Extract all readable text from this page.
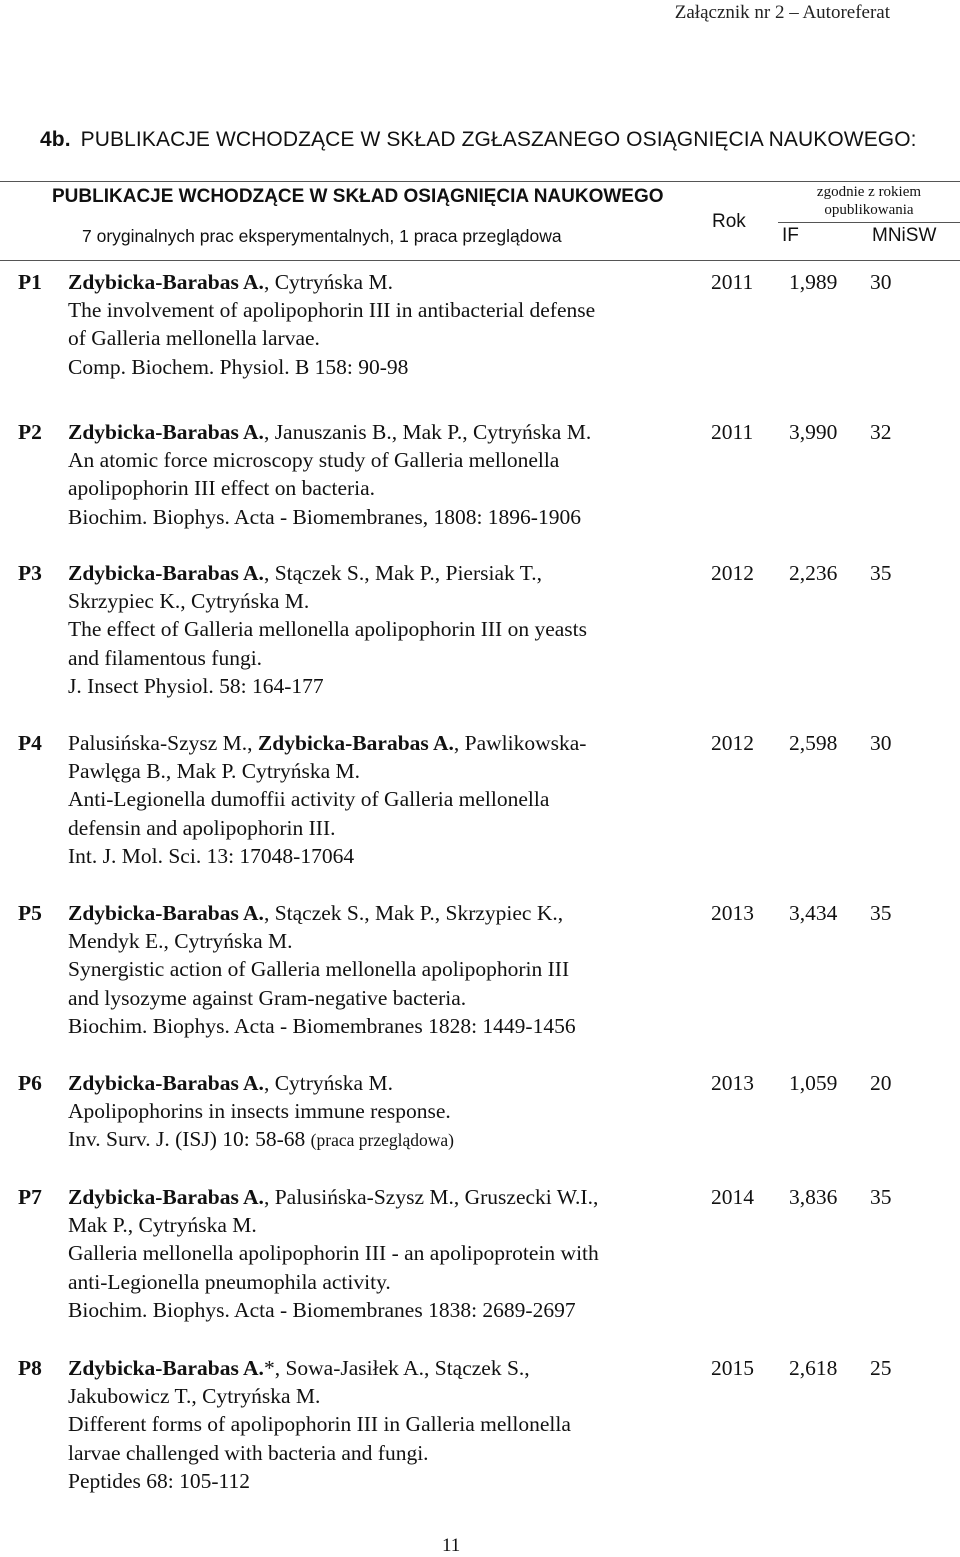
Załącznik nr 2 – Autoreferat
4b. PUBLIKACJE WCHODZĄCE W SKŁAD ZGŁASZANEGO OSIĄGNIĘCIA NAUKOWEGO:
PUBLIKACJE WCHODZĄCE W SKŁAD OSIĄGNIĘCIA NAUKOWEGO
7 oryginalnych prac eksperymentalnych, 1 praca przeglądowa
Rok
zgodnie z rokiem opublikowania
IF	MNiSW
P1 Zdybicka-Barabas A., Cytryńska M.
The involvement of apolipophorin III in antibacterial defense
of Galleria mellonella larvae.
Comp. Biochem. Physiol. B 158: 90-98
2011 1,989 30
P2 Zdybicka-Barabas A., Januszanis B., Mak P., Cytryńska M.
An atomic force microscopy study of Galleria mellonella
apolipophorin III effect on bacteria.
Biochim. Biophys. Acta - Biomembranes, 1808: 1896-1906
2011 3,990 32
P3 Zdybicka-Barabas A., Stączek S., Mak P., Piersiak T.,
Skrzypiec K., Cytryńska M.
The effect of Galleria mellonella apolipophorin III on yeasts
and filamentous fungi.
J. Insect Physiol. 58: 164-177
2012 2,236 35
P4 Palusińska-Szysz M., Zdybicka-Barabas A., Pawlikowska-
Pawlęga B., Mak P. Cytryńska M.
Anti-Legionella dumoffii activity of Galleria mellonella
defensin and apolipophorin III.
Int. J. Mol. Sci. 13: 17048-17064
2012 2,598 30
P5 Zdybicka-Barabas A., Stączek S., Mak P., Skrzypiec K.,
Mendyk E., Cytryńska M.
Synergistic action of Galleria mellonella apolipophorin III
and lysozyme against Gram-negative bacteria.
Biochim. Biophys. Acta - Biomembranes 1828: 1449-1456
2013 3,434 35
P6 Zdybicka-Barabas A., Cytryńska M.
Apolipophorins in insects immune response.
Inv. Surv. J. (ISJ) 10: 58-68 (praca przeglądowa)
2013 1,059 20
P7 Zdybicka-Barabas A., Palusińska-Szysz M., Gruszecki W.I.,
Mak P., Cytryńska M.
Galleria mellonella apolipophorin III - an apolipoprotein with
anti-Legionella pneumophila activity.
Biochim. Biophys. Acta - Biomembranes 1838: 2689-2697
2014 3,836 35
P8 Zdybicka-Barabas A.*, Sowa-Jasiłek A., Stączek S.,
Jakubowicz T., Cytryńska M.
Different forms of apolipophorin III in Galleria mellonella
larvae challenged with bacteria and fungi.
Peptides 68: 105-112
2015 2,618 25
11
